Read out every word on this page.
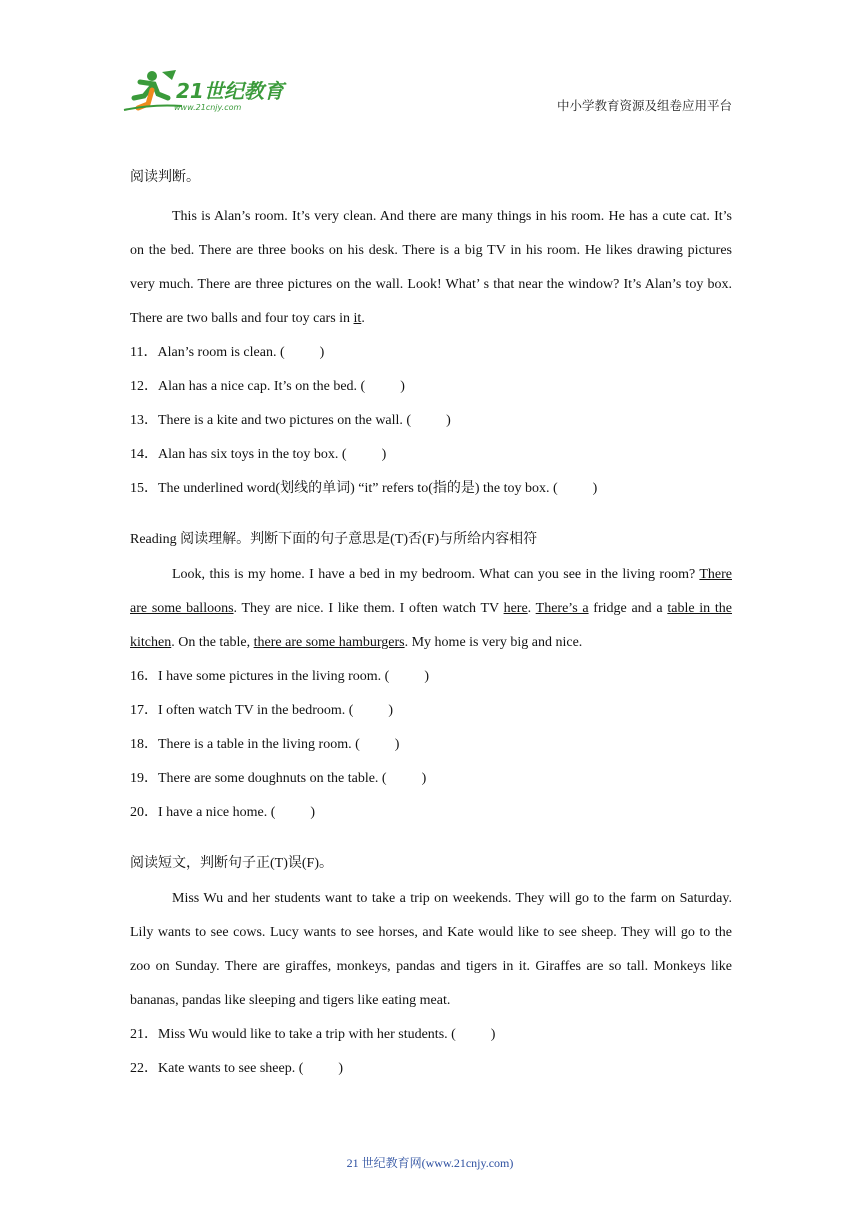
21世纪教育
www.21cnjy.com	中小学教育资源及组卷应用平台

阅读判断。

This is Alan’s room. It’s very clean. And there are many things in his room. He has a cute cat. It’s on the bed. There are three books on his desk. There is a big TV in his room. He likes drawing pictures very much. There are three pictures on the wall. Look! What’ s that near the window? It’s Alan’s toy box. There are two balls and four toy cars in it.

11．Alan’s room is clean. (          )

12．Alan has a nice cap. It’s on the bed. (          )

13．There is a kite and two pictures on the wall. (          )

14．Alan has six toys in the toy box. (          )

15．The underlined word(划线的单词) “it” refers to(指的是) the toy box. (          )

Reading 阅读理解。判断下面的句子意思是(T)否(F)与所给内容相符

Look, this is my home. I have a bed in my bedroom. What can you see in the living room? There are some balloons. They are nice. I like them. I often watch TV here. There’s a fridge and a table in the kitchen. On the table, there are some hamburgers. My home is very big and nice.

16．I have some pictures in the living room. (          )

17．I often watch TV in the bedroom. (          )

18．There is a table in the living room. (          )

19．There are some doughnuts on the table. (          )

20．I have a nice home. (          )

阅读短文，判断句子正(T)误(F)。

Miss Wu and her students want to take a trip on weekends. They will go to the farm on Saturday. Lily wants to see cows. Lucy wants to see horses, and Kate would like to see sheep. They will go to the zoo on Sunday. There are giraffes, monkeys, pandas and tigers in it. Giraffes are so tall. Monkeys like bananas, pandas like sleeping and tigers like eating meat.

21．Miss Wu would like to take a trip with her students. (          )

22．Kate wants to see sheep. (          )

21 世纪教育网(www.21cnjy.com)
